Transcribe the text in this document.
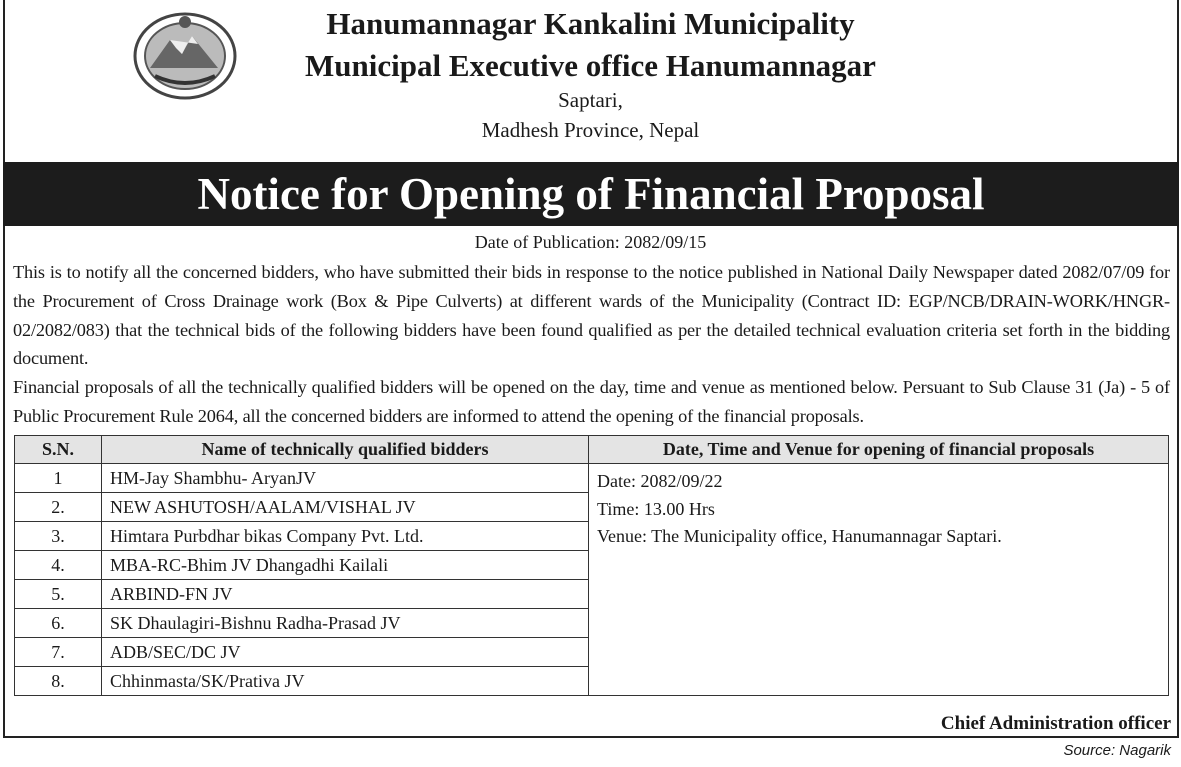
Hanumannagar Kankalini Municipality
Municipal Executive office Hanumannagar
Saptari,
Madhesh Province, Nepal
Notice for Opening of Financial Proposal
Date of Publication: 2082/09/15

This is to notify all the concerned bidders, who have submitted their bids in response to the notice published in National Daily Newspaper dated 2082/07/09 for the Procurement of Cross Drainage work (Box & Pipe Culverts) at different wards of the Municipality (Contract ID: EGP/NCB/DRAIN-WORK/HNGR-02/2082/083) that the technical bids of the following bidders have been found qualified as per the detailed technical evaluation criteria set forth in the bidding document.

Financial proposals of all the technically qualified bidders will be opened on the day, time and venue as mentioned below. Persuant to Sub Clause 31 (Ja) - 5 of Public Procurement Rule 2064, all the concerned bidders are informed to attend the opening of the financial proposals.

S.N.	Name of technically qualified bidders	Date, Time and Venue for opening of financial proposals
1	HM-Jay Shambhu- AryanJV	Date: 2082/09/22
Time: 13.00 Hrs
Venue: The Municipality office, Hanumannagar Saptari.

2.	NEW ASHUTOSH/AALAM/VISHAL JV	
3.	Himtara Purbdhar bikas Company Pvt. Ltd.	
4.	MBA-RC-Bhim JV Dhangadhi Kailali	
5.	ARBIND-FN JV	
6.	SK Dhaulagiri-Bishnu Radha-Prasad JV	
7.	ADB/SEC/DC JV	
8.	Chhinmasta/SK/Prativa JV	
Chief Administration officer
Source: Nagarik
